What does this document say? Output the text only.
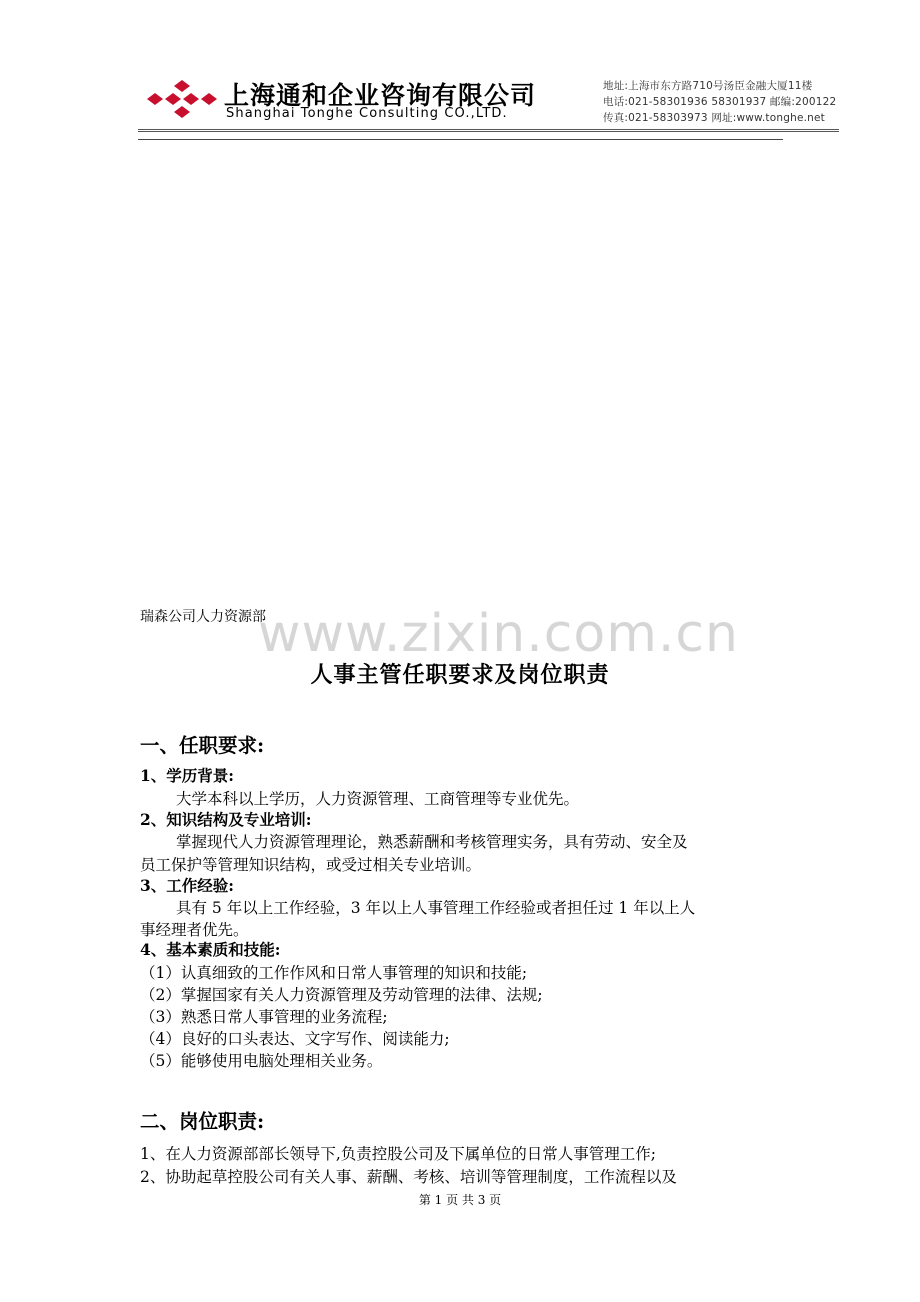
上海通和企业咨询有限公司
Shanghai Tonghe Consulting CO.,LTD.
地址:上海市东方路710号汤臣金融大厦11楼
电话:021-58301936 58301937 邮编:200122
传真:021-58303973 网址:www.tonghe.net
www.zixin.com.cn
瑞森公司人力资源部
人事主管任职要求及岗位职责
一、任职要求:
1、学历背景:
大学本科以上学历，人力资源管理、工商管理等专业优先。
2、知识结构及专业培训:
掌握现代人力资源管理理论，熟悉薪酬和考核管理实务，具有劳动、安全及
员工保护等管理知识结构，或受过相关专业培训。
3、工作经验:
具有 5 年以上工作经验，3 年以上人事管理工作经验或者担任过 1 年以上人
事经理者优先。
4、基本素质和技能:
（1）认真细致的工作作风和日常人事管理的知识和技能;
（2）掌握国家有关人力资源管理及劳动管理的法律、法规;
（3）熟悉日常人事管理的业务流程;
（4）良好的口头表达、文字写作、阅读能力;
（5）能够使用电脑处理相关业务。
二、岗位职责:
1、在人力资源部部长领导下,负责控股公司及下属单位的日常人事管理工作;
2、协助起草控股公司有关人事、薪酬、考核、培训等管理制度，工作流程以及
第 1 页 共 3 页
